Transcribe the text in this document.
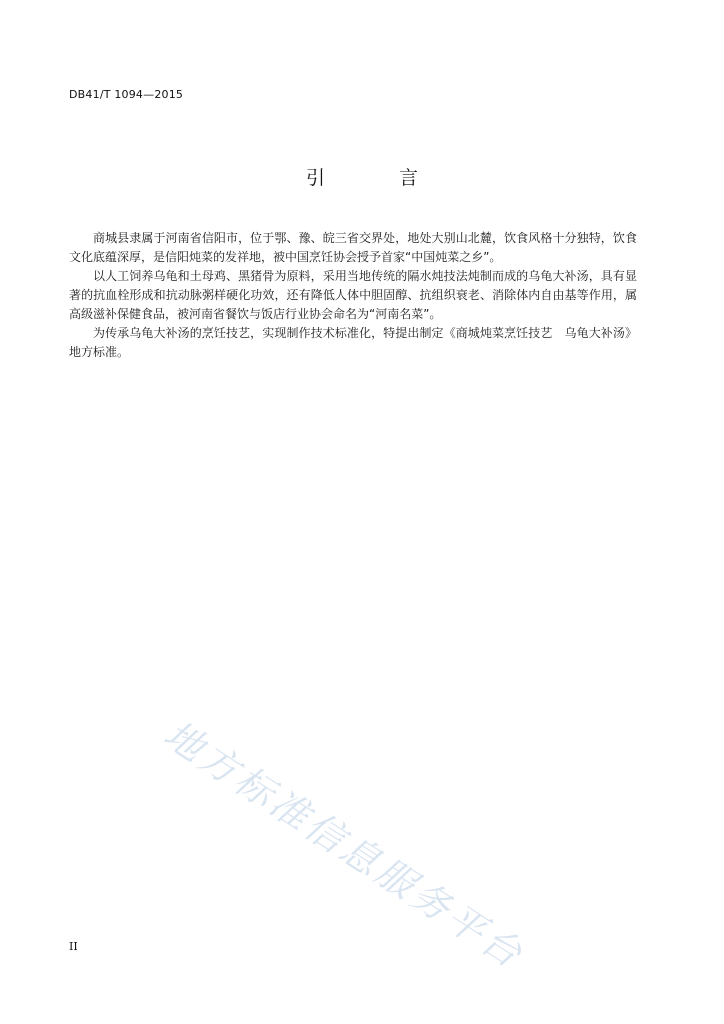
DB41/T 1094—2015
引 言

商城县隶属于河南省信阳市，位于鄂、豫、皖三省交界处，地处大别山北麓，饮食风格十分独特，饮食文化底蕴深厚，是信阳炖菜的发祥地，被中国烹饪协会授予首家“中国炖菜之乡”。

以人工饲养乌龟和土母鸡、黑猪骨为原料，采用当地传统的隔水炖技法炖制而成的乌龟大补汤，具有显著的抗血栓形成和抗动脉粥样硬化功效，还有降低人体中胆固醇、抗组织衰老、消除体内自由基等作用，属高级滋补保健食品，被河南省餐饮与饭店行业协会命名为“河南名菜”。

为传承乌龟大补汤的烹饪技艺，实现制作技术标准化，特提出制定《商城炖菜烹饪技艺　乌龟大补汤》地方标准。

地方标准信息服务平台
II
